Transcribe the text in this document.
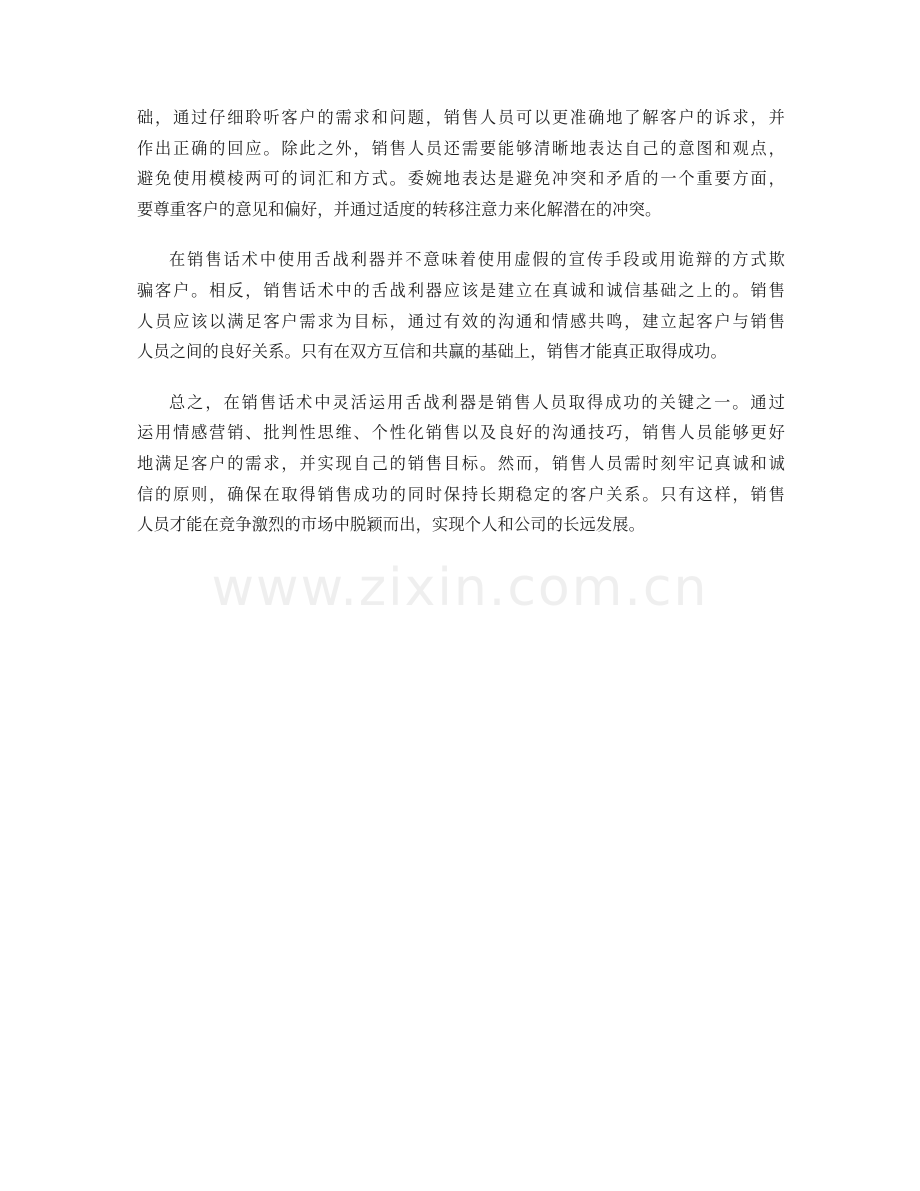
础，通过仔细聆听客户的需求和问题，销售人员可以更准确地了解客户的诉求，并
作出正确的回应。除此之外，销售人员还需要能够清晰地表达自己的意图和观点，
避免使用模棱两可的词汇和方式。委婉地表达是避免冲突和矛盾的一个重要方面，
要尊重客户的意见和偏好，并通过适度的转移注意力来化解潜在的冲突。

在销售话术中使用舌战利器并不意味着使用虚假的宣传手段或用诡辩的方式欺
骗客户。相反，销售话术中的舌战利器应该是建立在真诚和诚信基础之上的。销售
人员应该以满足客户需求为目标，通过有效的沟通和情感共鸣，建立起客户与销售
人员之间的良好关系。只有在双方互信和共赢的基础上，销售才能真正取得成功。

总之，在销售话术中灵活运用舌战利器是销售人员取得成功的关键之一。通过
运用情感营销、批判性思维、个性化销售以及良好的沟通技巧，销售人员能够更好
地满足客户的需求，并实现自己的销售目标。然而，销售人员需时刻牢记真诚和诚
信的原则，确保在取得销售成功的同时保持长期稳定的客户关系。只有这样，销售
人员才能在竞争激烈的市场中脱颖而出，实现个人和公司的长远发展。

www.zixin.com.cn
